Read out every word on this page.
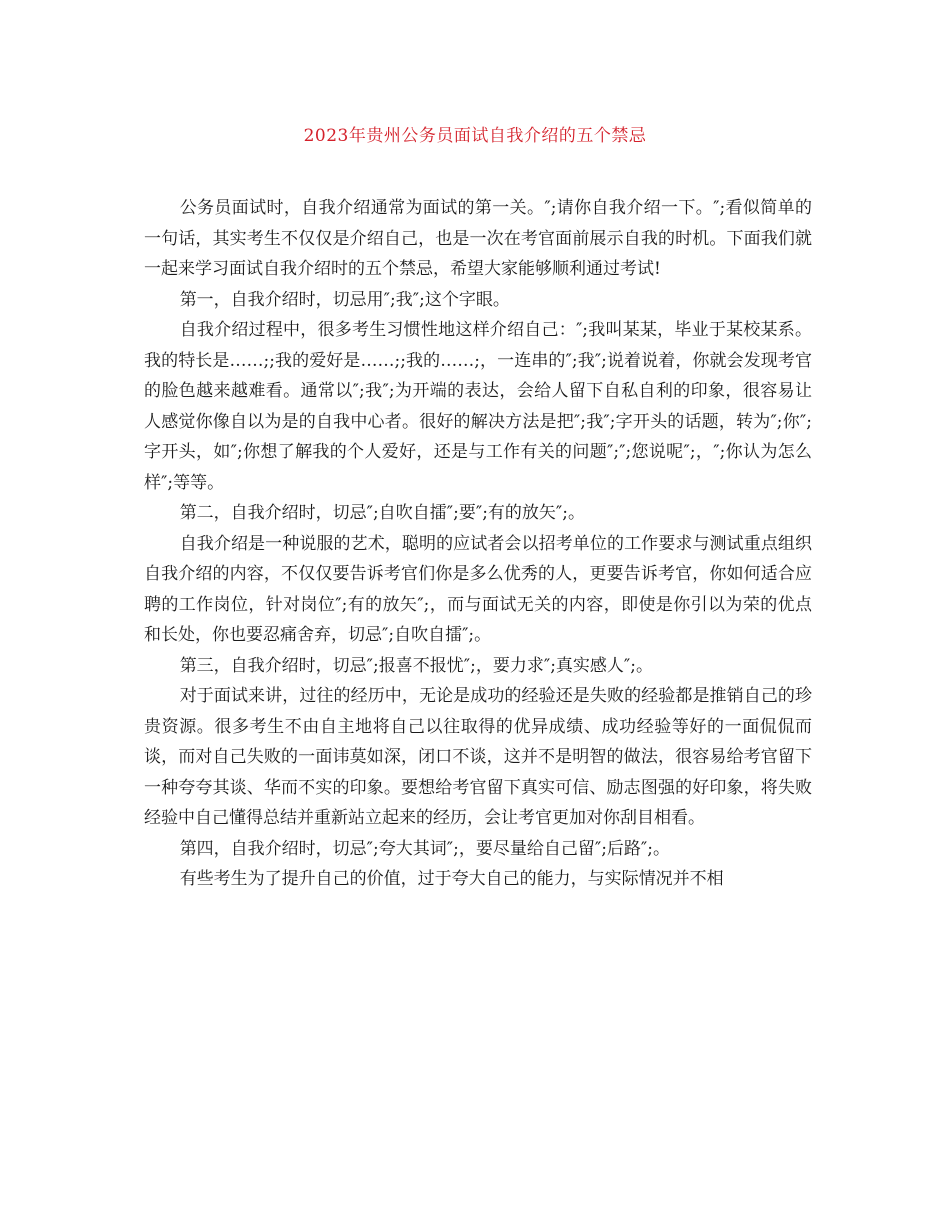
2023年贵州公务员面试自我介绍的五个禁忌

公务员面试时，自我介绍通常为面试的第一关。″;请你自我介绍一下。″;看似简单的一句话，其实考生不仅仅是介绍自己，也是一次在考官面前展示自我的时机。下面我们就一起来学习面试自我介绍时的五个禁忌，希望大家能够顺利通过考试!

第一，自我介绍时，切忌用″;我″;这个字眼。

自我介绍过程中，很多考生习惯性地这样介绍自己：″;我叫某某，毕业于某校某系。我的特长是……;;我的爱好是……;;我的……;，一连串的″;我″;说着说着，你就会发现考官的脸色越来越难看。通常以″;我″;为开端的表达，会给人留下自私自利的印象，很容易让人感觉你像自以为是的自我中心者。很好的解决方法是把″;我″;字开头的话题，转为″;你″;字开头，如″;你想了解我的个人爱好，还是与工作有关的问题″;″;您说呢″;，″;你认为怎么样″;等等。

第二，自我介绍时，切忌″;自吹自擂″;要″;有的放矢″;。

自我介绍是一种说服的艺术，聪明的应试者会以招考单位的工作要求与测试重点组织自我介绍的内容，不仅仅要告诉考官们你是多么优秀的人，更要告诉考官，你如何适合应聘的工作岗位，针对岗位″;有的放矢″;，而与面试无关的内容，即使是你引以为荣的优点和长处，你也要忍痛舍弃，切忌″;自吹自擂″;。

第三，自我介绍时，切忌″;报喜不报忧″;，要力求″;真实感人″;。

对于面试来讲，过往的经历中，无论是成功的经验还是失败的经验都是推销自己的珍贵资源。很多考生不由自主地将自己以往取得的优异成绩、成功经验等好的一面侃侃而谈，而对自己失败的一面讳莫如深，闭口不谈，这并不是明智的做法，很容易给考官留下一种夸夸其谈、华而不实的印象。要想给考官留下真实可信、励志图强的好印象，将失败经验中自己懂得总结并重新站立起来的经历，会让考官更加对你刮目相看。

第四，自我介绍时，切忌″;夸大其词″;，要尽量给自己留″;后路″;。

有些考生为了提升自己的价值，过于夸大自己的能力，与实际情况并不相
